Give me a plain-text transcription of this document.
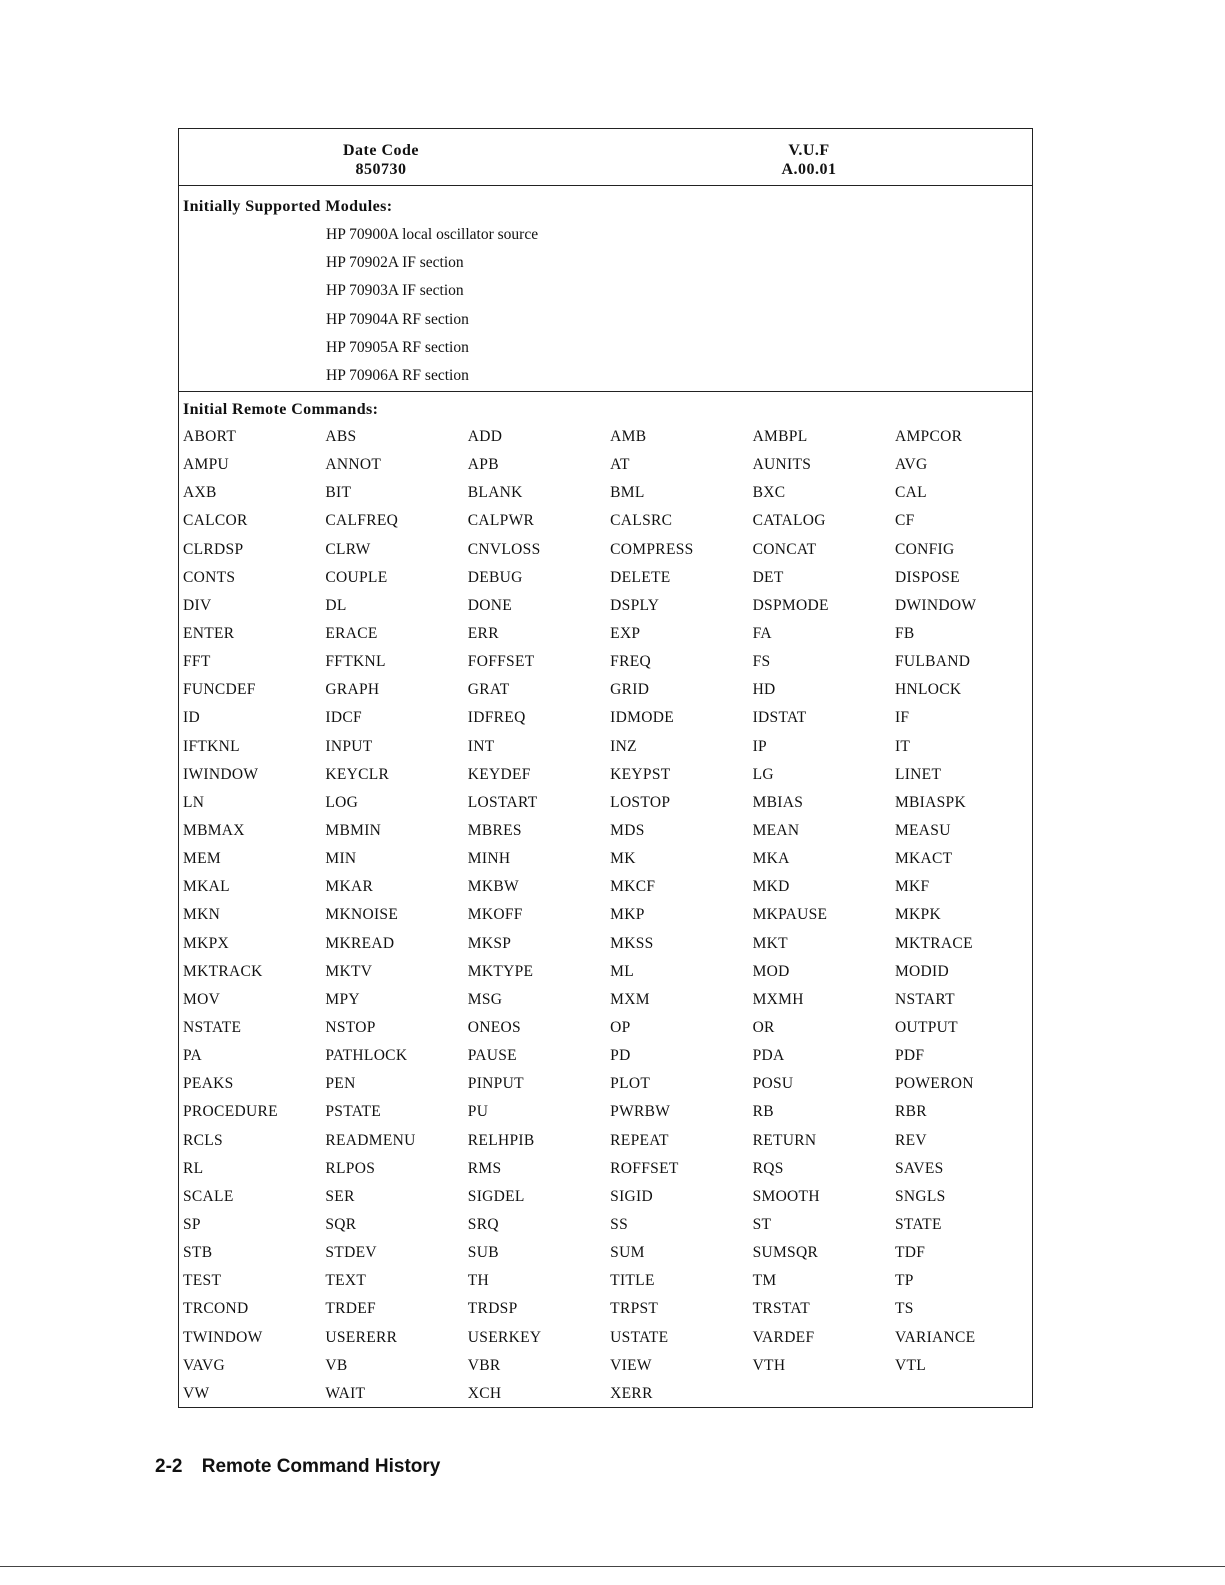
Date Code
850730
V.U.F
A.00.01
Initially Supported Modules:
HP 70900A local oscillator source
HP 70902A IF section
HP 70903A IF section
HP 70904A RF section
HP 70905A RF section
HP 70906A RF section
Initial Remote Commands:
ABORT	ABS	ADD	AMB	AMBPL	AMPCOR
AMPU	ANNOT	APB	AT	AUNITS	AVG
AXB	BIT	BLANK	BML	BXC	CAL
CALCOR	CALFREQ	CALPWR	CALSRC	CATALOG	CF
CLRDSP	CLRW	CNVLOSS	COMPRESS	CONCAT	CONFIG
CONTS	COUPLE	DEBUG	DELETE	DET	DISPOSE
DIV	DL	DONE	DSPLY	DSPMODE	DWINDOW
ENTER	ERACE	ERR	EXP	FA	FB
FFT	FFTKNL	FOFFSET	FREQ	FS	FULBAND
FUNCDEF	GRAPH	GRAT	GRID	HD	HNLOCK
ID	IDCF	IDFREQ	IDMODE	IDSTAT	IF
IFTKNL	INPUT	INT	INZ	IP	IT
IWINDOW	KEYCLR	KEYDEF	KEYPST	LG	LINET
LN	LOG	LOSTART	LOSTOP	MBIAS	MBIASPK
MBMAX	MBMIN	MBRES	MDS	MEAN	MEASU
MEM	MIN	MINH	MK	MKA	MKACT
MKAL	MKAR	MKBW	MKCF	MKD	MKF
MKN	MKNOISE	MKOFF	MKP	MKPAUSE	MKPK
MKPX	MKREAD	MKSP	MKSS	MKT	MKTRACE
MKTRACK	MKTV	MKTYPE	ML	MOD	MODID
MOV	MPY	MSG	MXM	MXMH	NSTART
NSTATE	NSTOP	ONEOS	OP	OR	OUTPUT
PA	PATHLOCK	PAUSE	PD	PDA	PDF
PEAKS	PEN	PINPUT	PLOT	POSU	POWERON
PROCEDURE	PSTATE	PU	PWRBW	RB	RBR
RCLS	READMENU	RELHPIB	REPEAT	RETURN	REV
RL	RLPOS	RMS	ROFFSET	RQS	SAVES
SCALE	SER	SIGDEL	SIGID	SMOOTH	SNGLS
SP	SQR	SRQ	SS	ST	STATE
STB	STDEV	SUB	SUM	SUMSQR	TDF
TEST	TEXT	TH	TITLE	TM	TP
TRCOND	TRDEF	TRDSP	TRPST	TRSTAT	TS
TWINDOW	USERERR	USERKEY	USTATE	VARDEF	VARIANCE
VAVG	VB	VBR	VIEW	VTH	VTL
VW	WAIT	XCH	XERR
2-2 Remote Command History
